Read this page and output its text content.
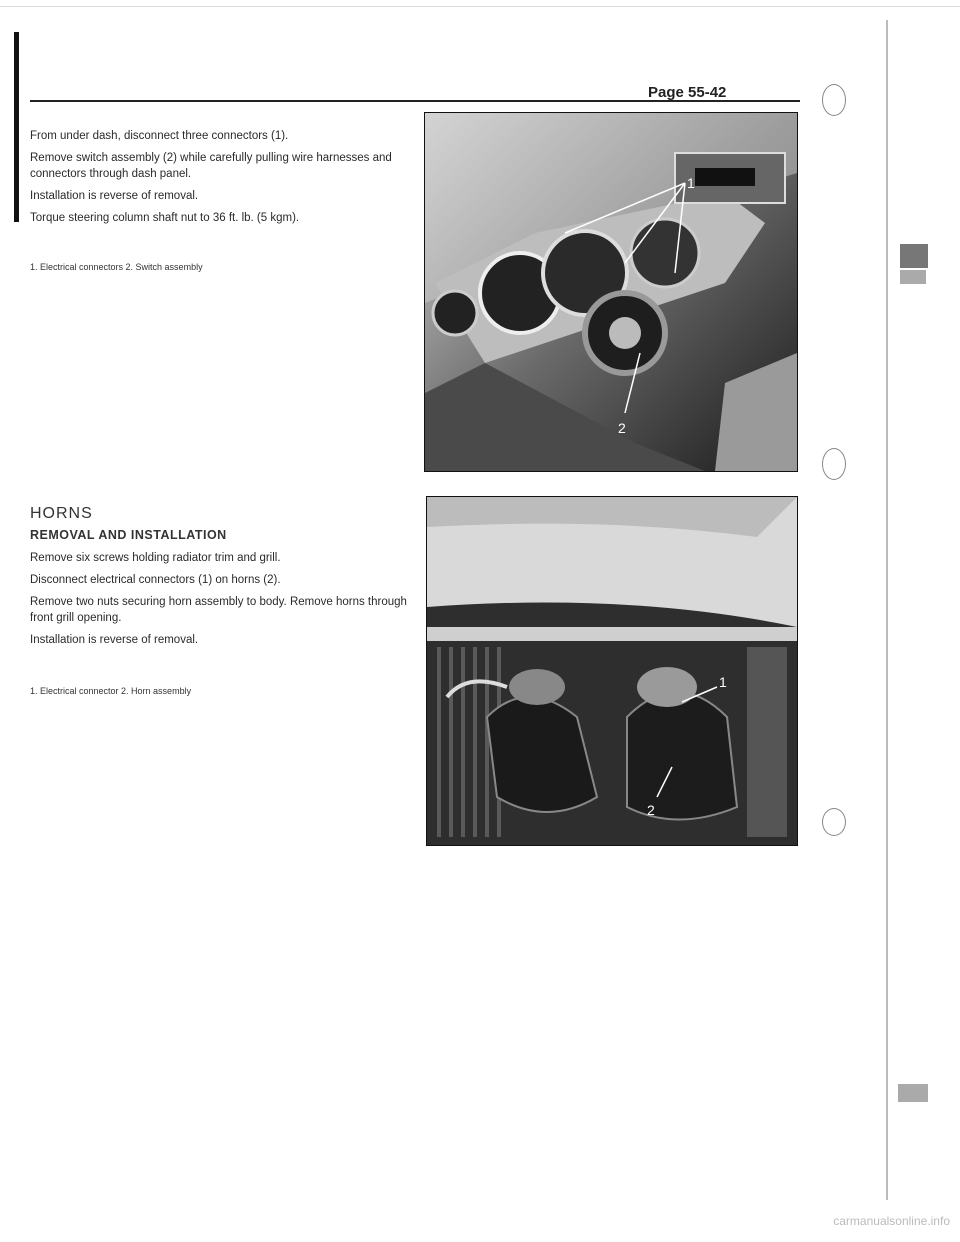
Page 55-42

From under dash, disconnect three connectors (1).

Remove switch assembly (2) while carefully pulling wire harnesses and connectors through dash panel.

Installation is reverse of removal.

Torque steering column shaft nut to 36 ft. lb. (5 kgm).

1. Electrical connectors 2. Switch assembly
1
2
HORNS
REMOVAL AND INSTALLATION

Remove six screws holding radiator trim and grill.

Disconnect electrical connectors (1) on horns (2).

Remove two nuts securing horn assembly to body. Remove horns through front grill opening.

Installation is reverse of removal.

1. Electrical connector 2. Horn assembly
1
2
carmanualsonline.info
